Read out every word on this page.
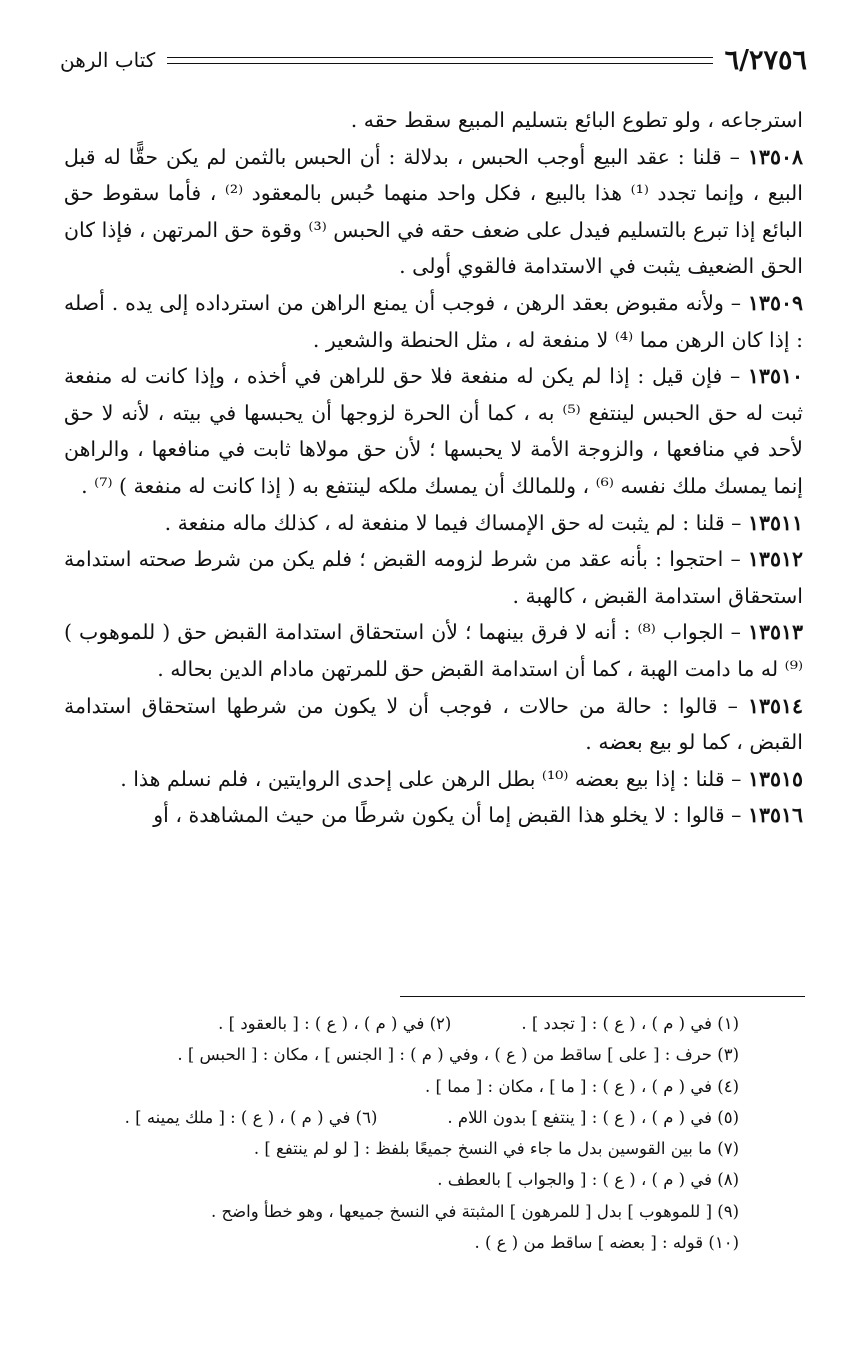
٦/٢٧٥٦
كتاب الرهن

استرجاعه ، ولو تطوع البائع بتسليم المبيع سقط حقه .

١٣٥٠٨ – قلنا : عقد البيع أوجب الحبس ، بدلالة : أن الحبس بالثمن لم يكن حقًّا له قبل البيع ، وإنما تجدد ⁽¹⁾ هذا بالبيع ، فكل واحد منهما حُبس بالمعقود ⁽²⁾ ، فأما سقوط حق البائع إذا تبرع بالتسليم فيدل على ضعف حقه في الحبس ⁽³⁾ وقوة حق المرتهن ، فإذا كان الحق الضعيف يثبت في الاستدامة فالقوي أولى .

١٣٥٠٩ – ولأنه مقبوض بعقد الرهن ، فوجب أن يمنع الراهن من استرداده إلى يده . أصله : إذا كان الرهن مما ⁽⁴⁾ لا منفعة له ، مثل الحنطة والشعير .

١٣٥١٠ – فإن قيل : إذا لم يكن له منفعة فلا حق للراهن في أخذه ، وإذا كانت له منفعة ثبت له حق الحبس لينتفع ⁽⁵⁾ به ، كما أن الحرة لزوجها أن يحبسها في بيته ، لأنه لا حق لأحد في منافعها ، والزوجة الأمة لا يحبسها ؛ لأن حق مولاها ثابت في منافعها ، والراهن إنما يمسك ملك نفسه ⁽⁶⁾ ، وللمالك أن يمسك ملكه لينتفع به ( إذا كانت له منفعة ) ⁽⁷⁾ .

١٣٥١١ – قلنا : لم يثبت له حق الإمساك فيما لا منفعة له ، كذلك ماله منفعة .

١٣٥١٢ – احتجوا : بأنه عقد من شرط لزومه القبض ؛ فلم يكن من شرط صحته استدامة استحقاق استدامة القبض ، كالهبة .

١٣٥١٣ – الجواب ⁽⁸⁾ : أنه لا فرق بينهما ؛ لأن استحقاق استدامة القبض حق ( للموهوب ) ⁽⁹⁾ له ما دامت الهبة ، كما أن استدامة القبض حق للمرتهن مادام الدين بحاله .

١٣٥١٤ – قالوا : حالة من حالات ، فوجب أن لا يكون من شرطها استحقاق استدامة القبض ، كما لو بيع بعضه .

١٣٥١٥ – قلنا : إذا بيع بعضه ⁽¹⁰⁾ بطل الرهن على إحدى الروايتين ، فلم نسلم هذا .

١٣٥١٦ – قالوا : لا يخلو هذا القبض إما أن يكون شرطًا من حيث المشاهدة ، أو

(١) في ( م ) ، ( ع ) : [ تجدد ] .
(٢) في ( م ) ، ( ع ) : [ بالعقود ] .
(٣) حرف : [ على ] ساقط من ( ع ) ، وفي ( م ) : [ الجنس ] ، مكان : [ الحبس ] .
(٤) في ( م ) ، ( ع ) : [ ما ] ، مكان : [ مما ] .
(٥) في ( م ) ، ( ع ) : [ ينتفع ] بدون اللام .
(٦) في ( م ) ، ( ع ) : [ ملك يمينه ] .
(٧) ما بين القوسين بدل ما جاء في النسخ جميعًا بلفظ : [ لو لم ينتفع ] .
(٨) في ( م ) ، ( ع ) : [ والجواب ] بالعطف .
(٩) [ للموهوب ] بدل [ للمرهون ] المثبتة في النسخ جميعها ، وهو خطأ واضح .
(١٠) قوله : [ بعضه ] ساقط من ( ع ) .
